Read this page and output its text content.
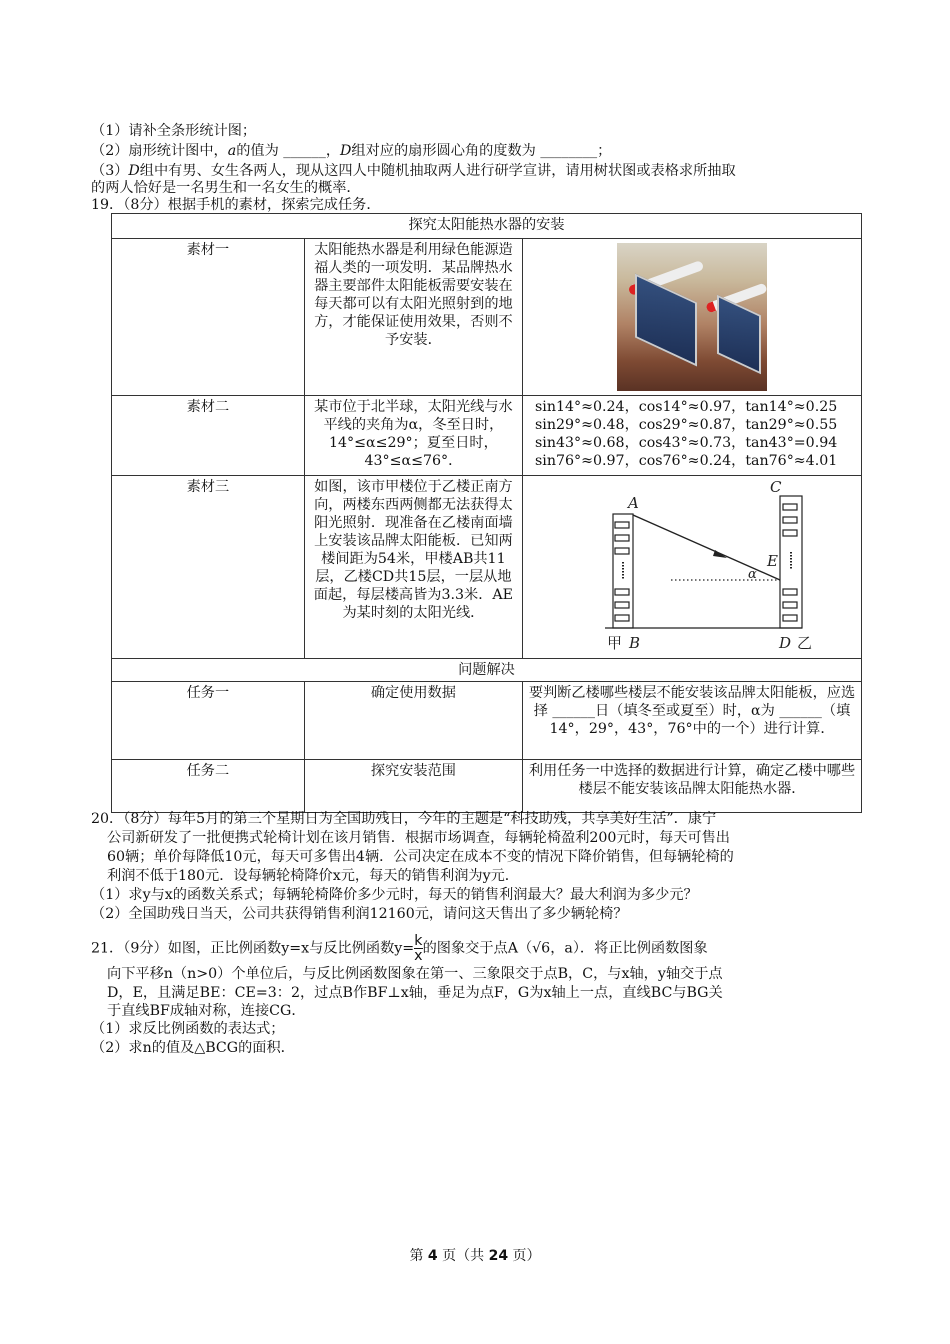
（1）请补全条形统计图；
（2）扇形统计图中，a的值为 ______，D组对应的扇形圆心角的度数为 ________；
（3）D组中有男、女生各两人，现从这四人中随机抽取两人进行研学宣讲，请用树状图或表格求所抽取
的两人恰好是一名男生和一名女生的概率．
19．（8分）根据手机的素材，探索完成任务．
探究太阳能热水器的安装		
素材一	太阳能热水器是利用绿色能源造福人类的一项发明．某品牌热水器主要部件太阳能板需要安装在每天都可以有太阳光照射到的地方，才能保证使用效果，否则不予安装．	

素材二	某市位于北半球，太阳光线与水平线的夹角为α，冬至日时，14°≤α≤29°；夏至日时，43°≤α≤76°．	sin14°≈0.24，cos14°≈0.97，tan14°≈0.25
sin29°≈0.48，cos29°≈0.87，tan29°≈0.55
sin43°≈0.68，cos43°≈0.73，tan43°=0.94
sin76°≈0.97，cos76°≈0.24，tan76°≈4.01

素材三	如图，该市甲楼位于乙楼正南方向，两楼东西两侧都无法获得太阳光照射．现准备在乙楼南面墙上安装该品牌太阳能板．已知两楼间距为54米，甲楼AB共11层，乙楼CD共15层，一层从地面起，每层楼高皆为3.3米．AE为某时刻的太阳光线．	
A
B
C
D
E
α
甲	乙

问题解决		
任务一	确定使用数据	要判断乙楼哪些楼层不能安装该品牌太阳能板，应选择 ______日（填冬至或夏至）时，α为 ______（填14°，29°，43°，76°中的一个）进行计算．
任务二	探究安装范围	利用任务一中选择的数据进行计算，确定乙楼中哪些楼层不能安装该品牌太阳能热水器．
20．（8分）每年5月的第三个星期日为全国助残日，今年的主题是“科技助残，共享美好生活”．康宁
公司新研发了一批便携式轮椅计划在该月销售．根据市场调查，每辆轮椅盈利200元时，每天可售出
60辆；单价每降低10元，每天可多售出4辆．公司决定在成本不变的情况下降价销售，但每辆轮椅的
利润不低于180元．设每辆轮椅降价x元，每天的销售利润为y元．
（1）求y与x的函数关系式；每辆轮椅降价多少元时，每天的销售利润最大？最大利润为多少元？
（2）全国助残日当天，公司共获得销售利润12160元，请问这天售出了多少辆轮椅？
21．（9分）如图，正比例函数y=x与反比例函数$y= \frac{k}{x}$ 的图象交于点A（√6，a）．将正比例函数图象
向下平移n（n>0）个单位后，与反比例函数图象在第一、三象限交于点B，C，与x轴，y轴交于点
D，E，且满足BE：CE=3：2，过点B作BF⊥x轴，垂足为点F，G为x轴上一点，直线BC与BG关
于直线BF成轴对称，连接CG．
（1）求反比例函数的表达式；
（2）求n的值及△BCG的面积．
第 4 页（共 24 页）
